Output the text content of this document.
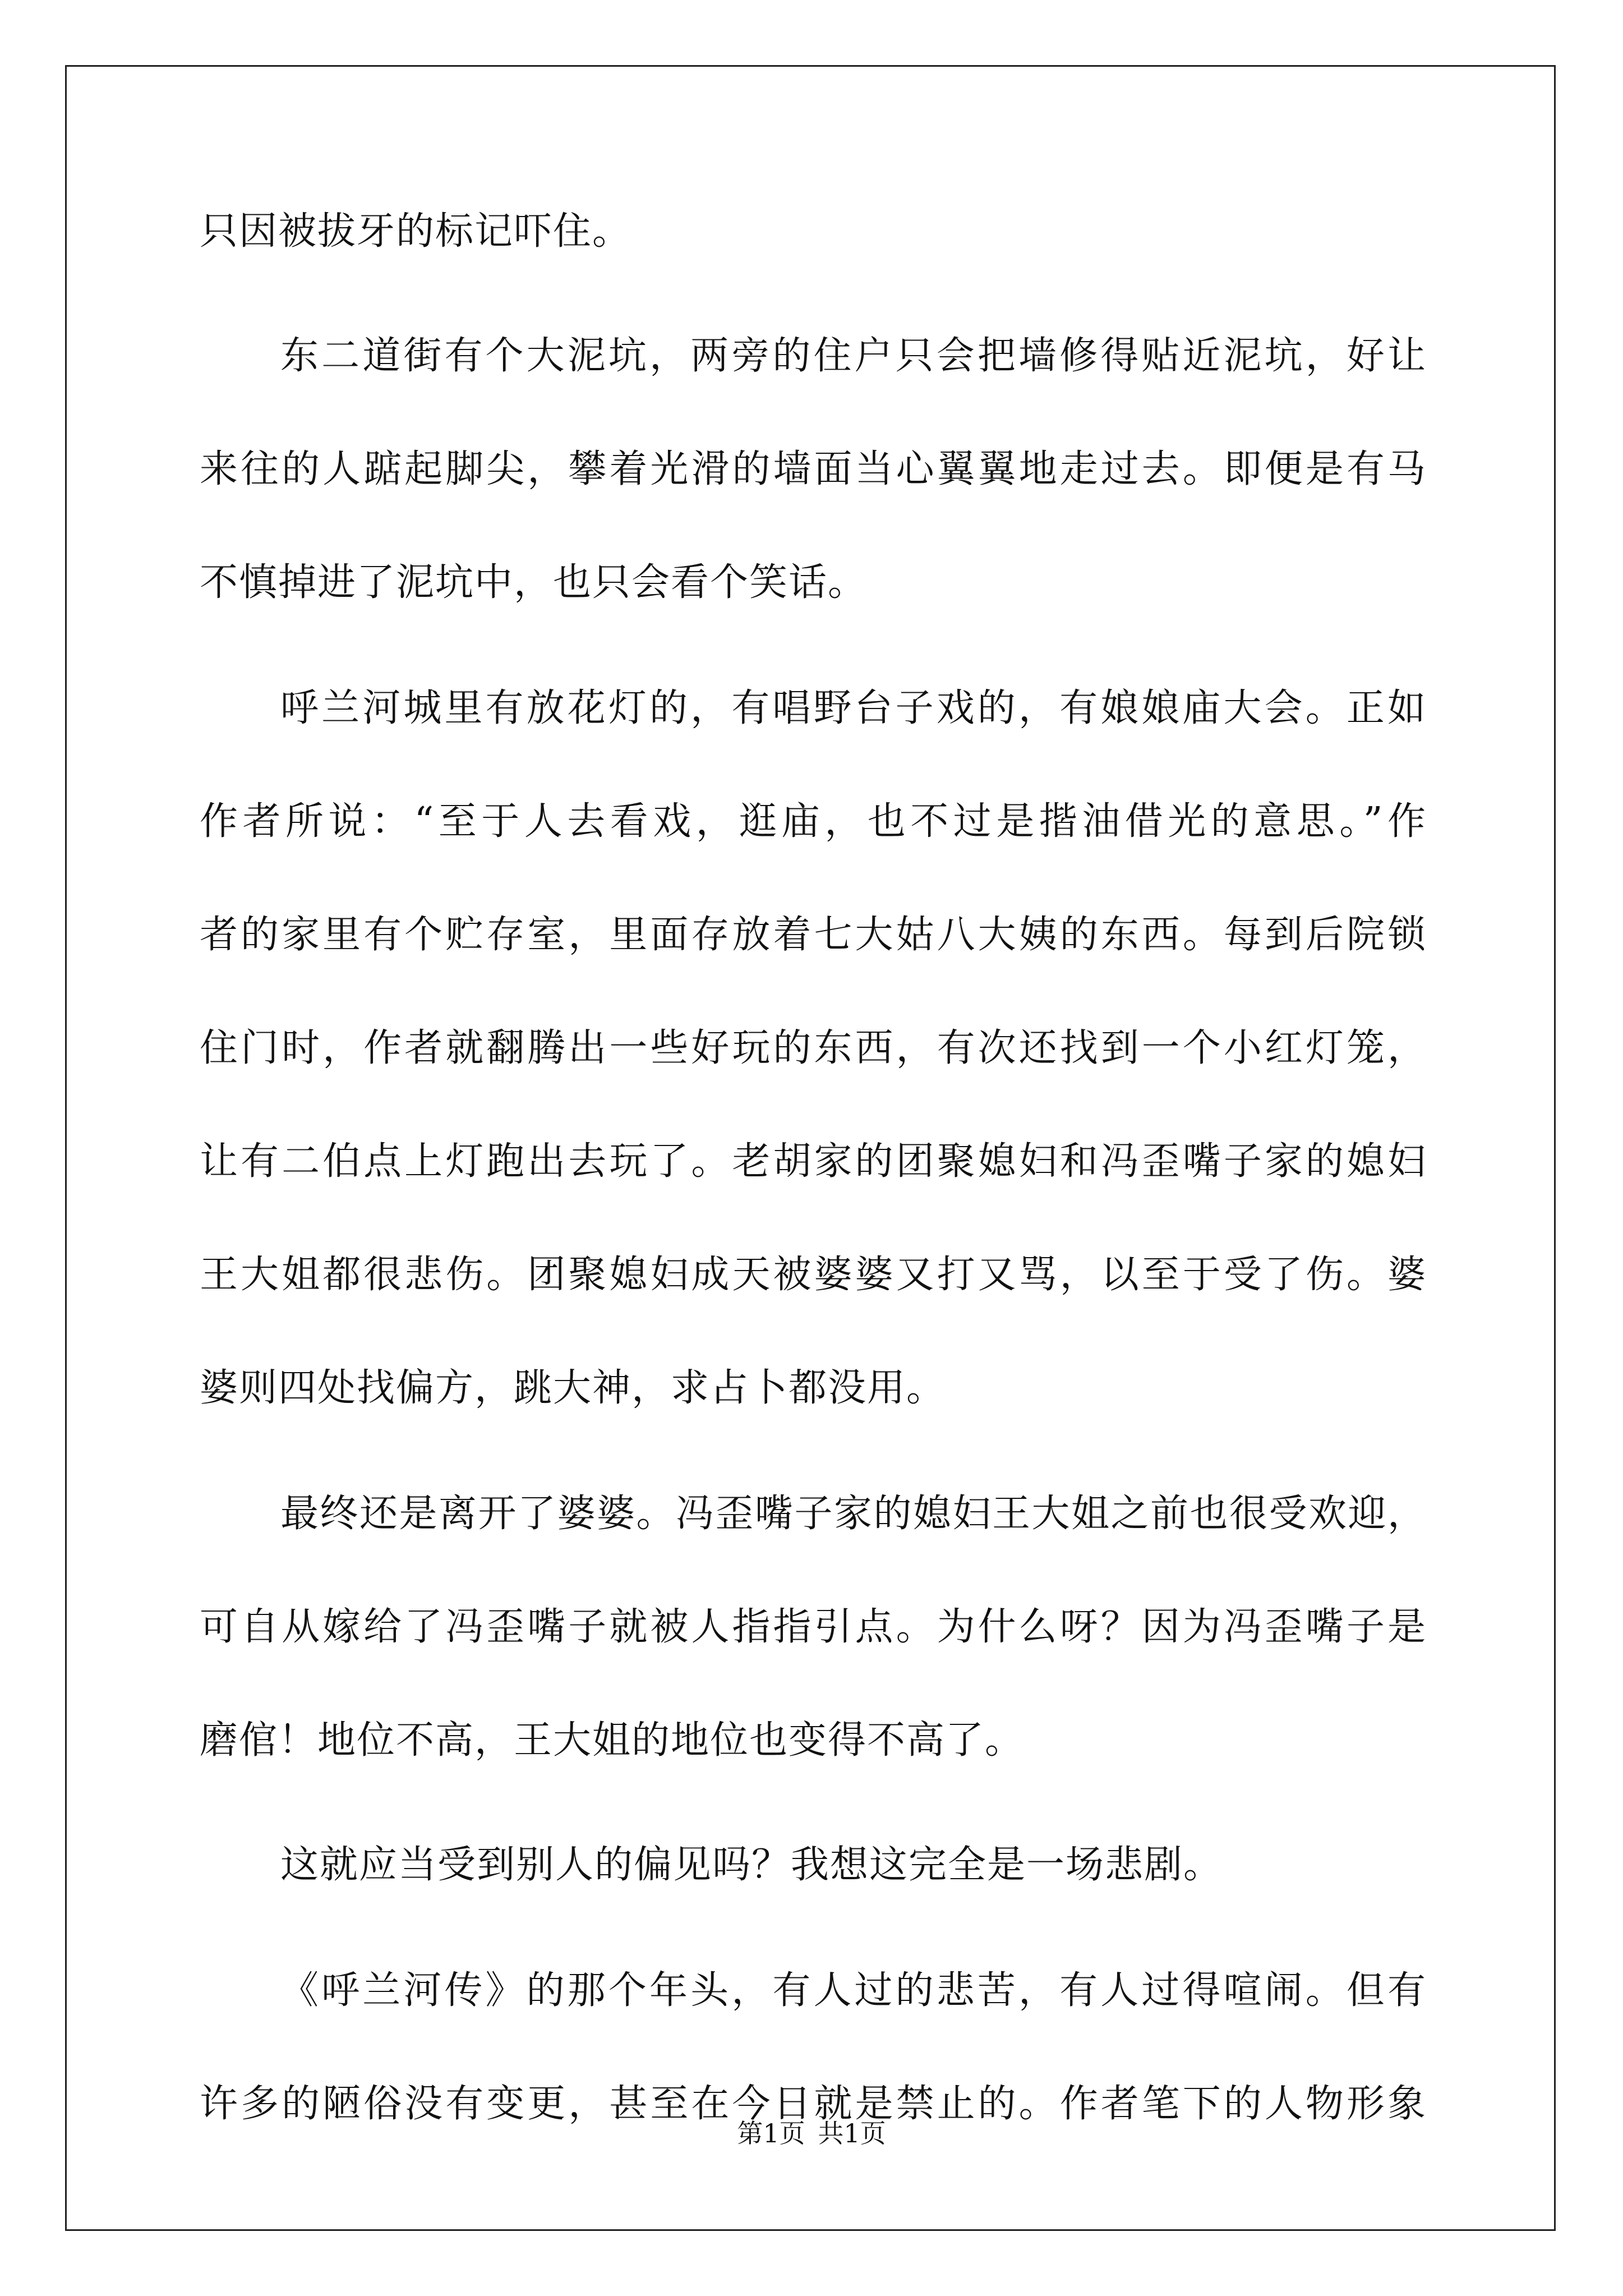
只因被拔牙的标记吓住。
东二道街有个大泥坑，两旁的住户只会把墙修得贴近泥坑，好让
来往的人踮起脚尖，攀着光滑的墙面当心翼翼地走过去。即便是有马
不慎掉进了泥坑中，也只会看个笑话。
呼兰河城里有放花灯的，有唱野台子戏的，有娘娘庙大会。正如
作者所说：“至于人去看戏，逛庙，也不过是揩油借光的意思。”作
者的家里有个贮存室，里面存放着七大姑八大姨的东西。每到后院锁
住门时，作者就翻腾出一些好玩的东西，有次还找到一个小红灯笼，
让有二伯点上灯跑出去玩了。老胡家的团聚媳妇和冯歪嘴子家的媳妇
王大姐都很悲伤。团聚媳妇成天被婆婆又打又骂，以至于受了伤。婆
婆则四处找偏方，跳大神，求占卜都没用。
最终还是离开了婆婆。冯歪嘴子家的媳妇王大姐之前也很受欢迎，
可自从嫁给了冯歪嘴子就被人指指引点。为什么呀？因为冯歪嘴子是
磨倌！地位不高，王大姐的地位也变得不高了。
这就应当受到别人的偏见吗？我想这完全是一场悲剧。
《呼兰河传》的那个年头，有人过的悲苦，有人过得喧闹。但有
许多的陋俗没有变更，甚至在今日就是禁止的。作者笔下的人物形象
第1页 共1页
